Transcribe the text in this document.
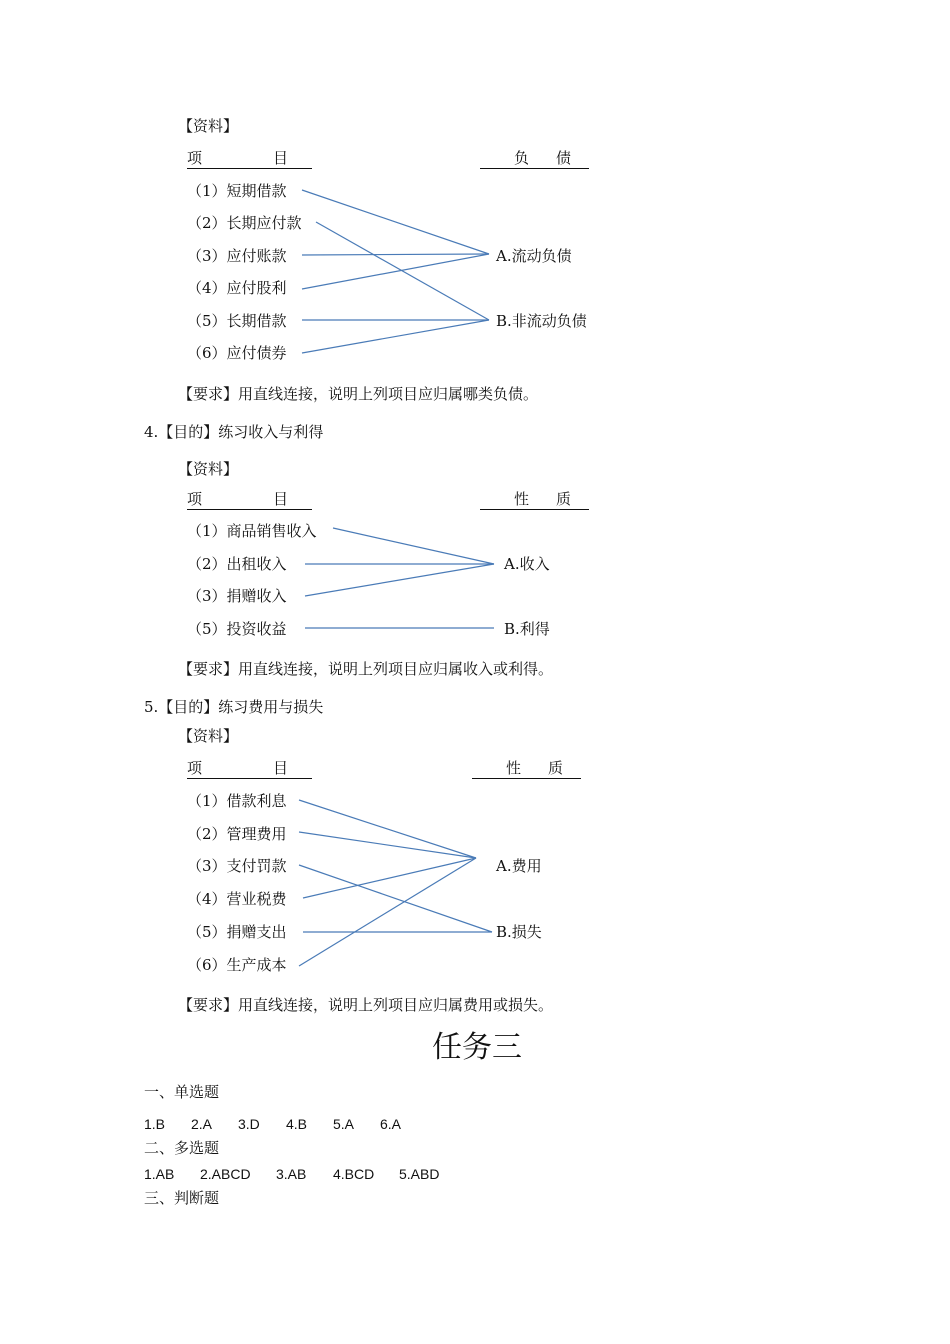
【资料】
项	目	负 债
（1）短期借款
（2）长期应付款
（3）应付账款
（4）应付股利
（5）长期借款
（6）应付债券
A.流动负债
B.非流动负债
【要求】用直线连接，说明上列项目应归属哪类负债。
4.【目的】练习收入与利得
【资料】
项	目	性 质
（1）商品销售收入
（2）出租收入
（3）捐赠收入
（5）投资收益
A.收入
B.利得
【要求】用直线连接，说明上列项目应归属收入或利得。
5.【目的】练习费用与损失
【资料】
项	目	性 质
（1）借款利息
（2）管理费用
（3）支付罚款
（4）营业税费
（5）捐赠支出
（6）生产成本
A.费用
B.损失
【要求】用直线连接，说明上列项目应归属费用或损失。
任务三
一、单选题
1.B 2.A 3.D 4.B 5.A 6.A
二、多选题
1.AB 2.ABCD 3.AB 4.BCD 5.ABD
三、判断题
